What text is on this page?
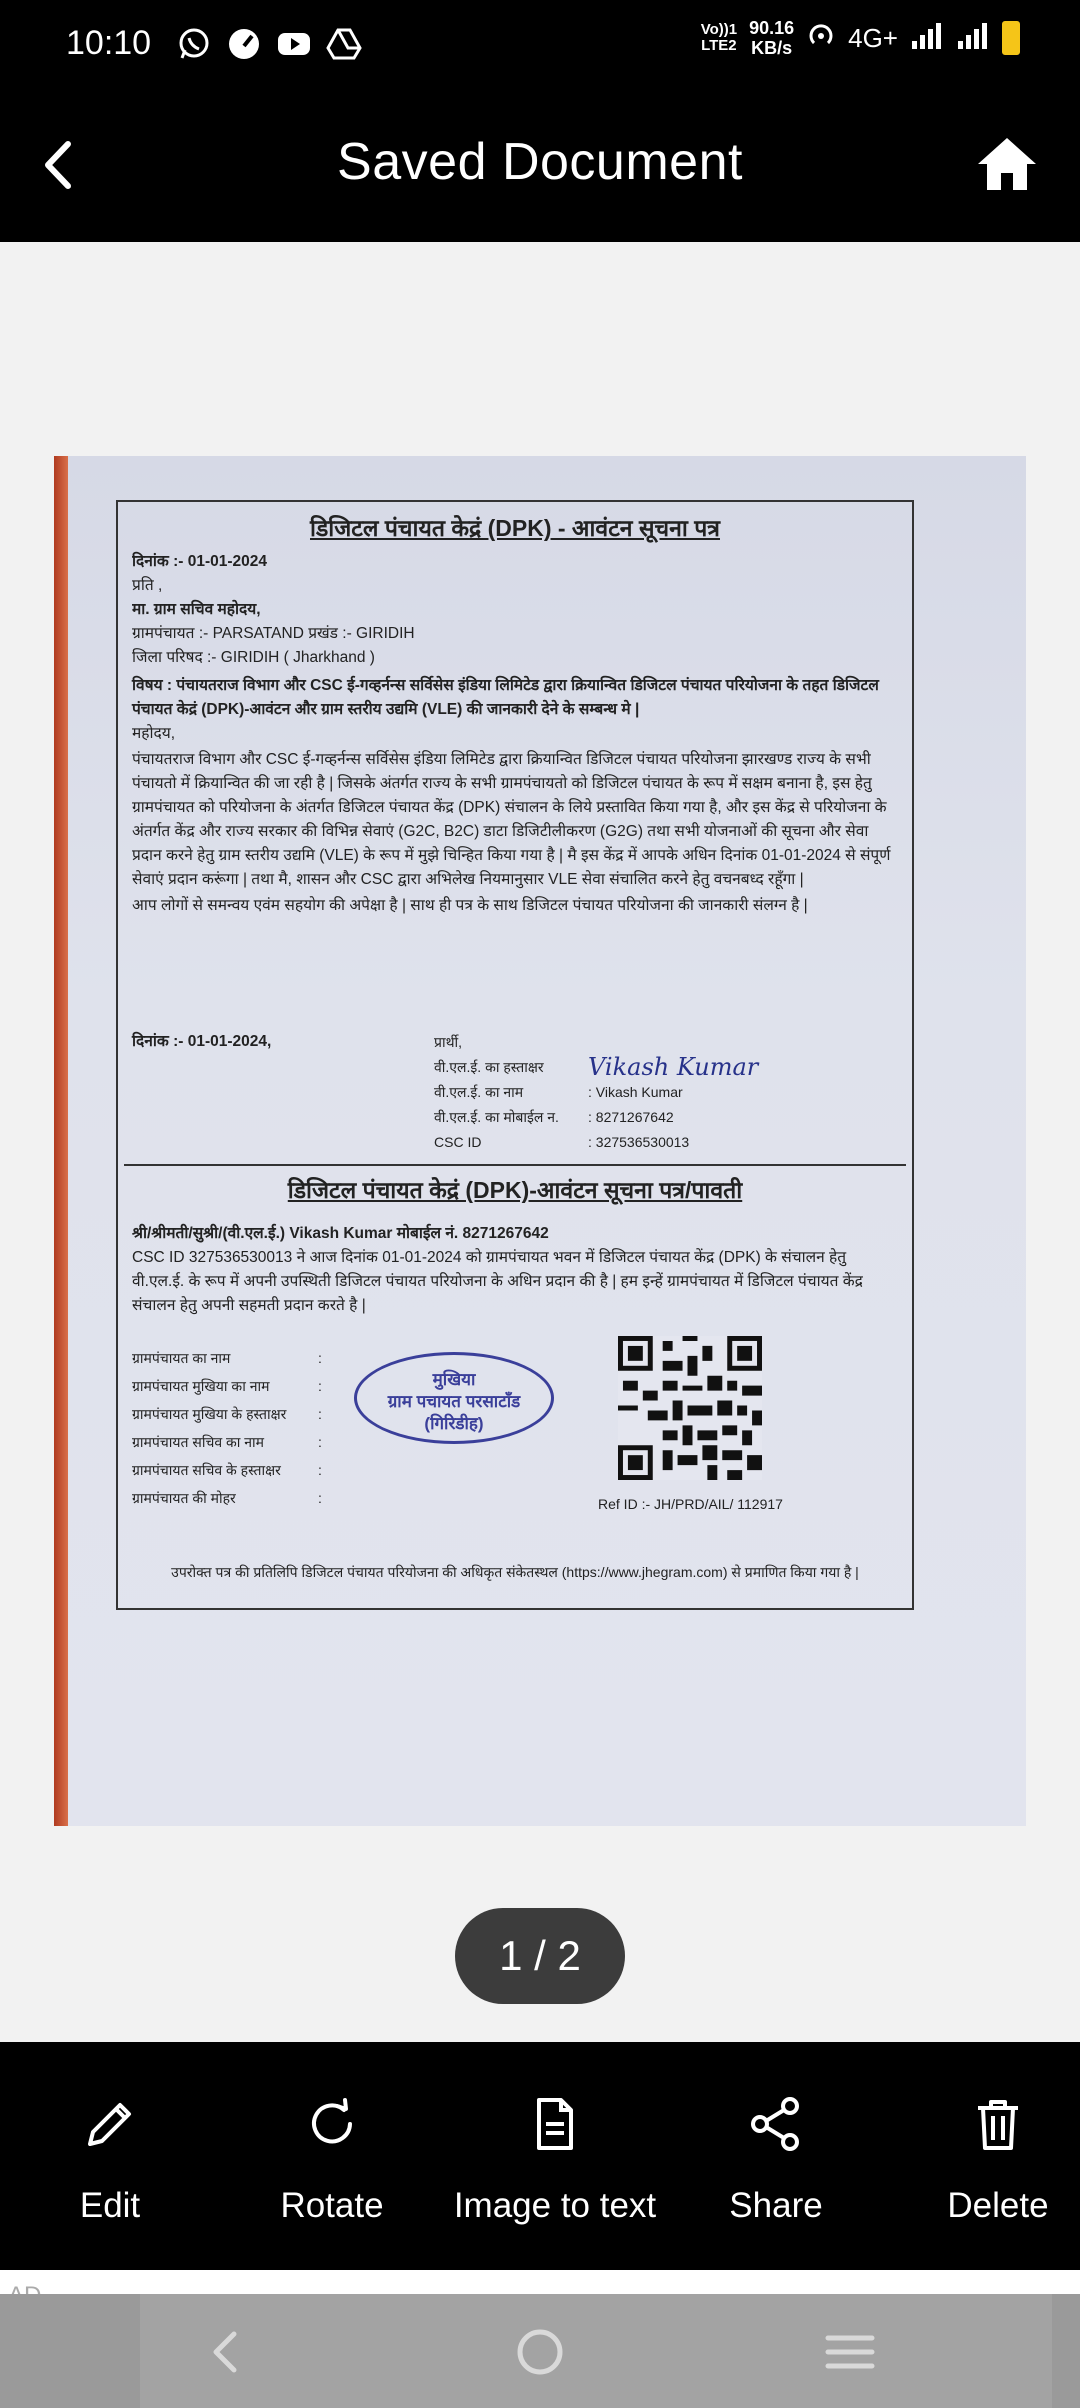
10:10	Vo))1
LTE2
90.16
KB/s 4G+
Saved Document
डिजिटल पंचायत केद्रं (DPK) - आवंटन सूचना पत्र
दिनांक :- 01-01-2024
प्रति ,
मा. ग्राम सचिव महोदय,
ग्रामपंचायत :- PARSATAND प्रखंड :- GIRIDIH
जिला परिषद :- GIRIDIH ( Jharkhand )
विषय : पंचायतराज विभाग और CSC ई-गव्हर्नन्स सर्विसेस इंडिया लिमिटेड द्वारा क्रियान्वित डिजिटल पंचायत परियोजना के तहत डिजिटल पंचायत केद्रं (DPK)-आवंटन और ग्राम स्तरीय उद्यमि (VLE) की जानकारी देने के सम्बन्ध मे |
महोदय,
पंचायतराज विभाग और CSC ई-गव्हर्नन्स सर्विसेस इंडिया लिमिटेड द्वारा क्रियान्वित डिजिटल पंचायत परियोजना झारखण्ड राज्य के सभी पंचायतो में क्रियान्वित की जा रही है | जिसके अंतर्गत राज्य के सभी ग्रामपंचायतो को डिजिटल पंचायत के रूप में सक्षम बनाना है, इस हेतु ग्रामपंचायत को परियोजना के अंतर्गत डिजिटल पंचायत केंद्र (DPK) संचालन के लिये प्रस्तावित किया गया है, और इस केंद्र से परियोजना के अंतर्गत केंद्र और राज्य सरकार की विभिन्न सेवाएं (G2C, B2C) डाटा डिजिटीलीकरण (G2G) तथा सभी योजनाओं की सूचना और सेवा प्रदान करने हेतु ग्राम स्तरीय उद्यमि (VLE) के रूप में मुझे चिन्हित किया गया है | मै इस केंद्र में आपके अधिन दिनांक 01-01-2024 से संपूर्ण सेवाएं प्रदान करूंगा | तथा मै, शासन और CSC द्वारा अभिलेख नियमानुसार VLE सेवा संचालित करने हेतु वचनबध्द रहूँगा |
आप लोगों से समन्वय एवंम सहयोग की अपेक्षा है | साथ ही पत्र के साथ डिजिटल पंचायत परियोजना की जानकारी संलग्न है |
दिनांक :- 01-01-2024,	प्रार्थी,
वी.एल.ई. का हस्ताक्षर	Vikash Kumar
वी.एल.ई. का नाम	: Vikash Kumar
वी.एल.ई. का मोबाईल न.	: 8271267642
CSC ID	: 327536530013
डिजिटल पंचायत केद्रं (DPK)-आवंटन सूचना पत्र/पावती
श्री/श्रीमती/सुश्री/(वी.एल.ई.) Vikash Kumar मोबाईल नं. 8271267642
CSC ID 327536530013 ने आज दिनांक 01-01-2024 को ग्रामपंचायत भवन में डिजिटल पंचायत केंद्र (DPK) के संचालन हेतु वी.एल.ई. के रूप में अपनी उपस्थिती डिजिटल पंचायत परियोजना के अधिन प्रदान की है | हम इन्हें ग्रामपंचायत में डिजिटल पंचायत केंद्र संचालन हेतु अपनी सहमती प्रदान करते है |
ग्रामपंचायत का नाम	:
ग्रामपंचायत मुखिया का नाम	:
ग्रामपंचायत मुखिया के हस्ताक्षर	:
ग्रामपंचायत सचिव का नाम	:
ग्रामपंचायत सचिव के हस्ताक्षर	:
ग्रामपंचायत की मोहर	:
मुखिया
ग्राम पचायत परसाटाँड
(गिरिडीह)
Ref ID :- JH/PRD/AIL/ 112917
उपरोक्त पत्र की प्रतिलिपि डिजिटल पंचायत परियोजना की अधिकृत संकेतस्थल (https://www.jhegram.com) से प्रमाणित किया गया है |
1 / 2
Edit	Rotate	Image to text	Share	Delete
